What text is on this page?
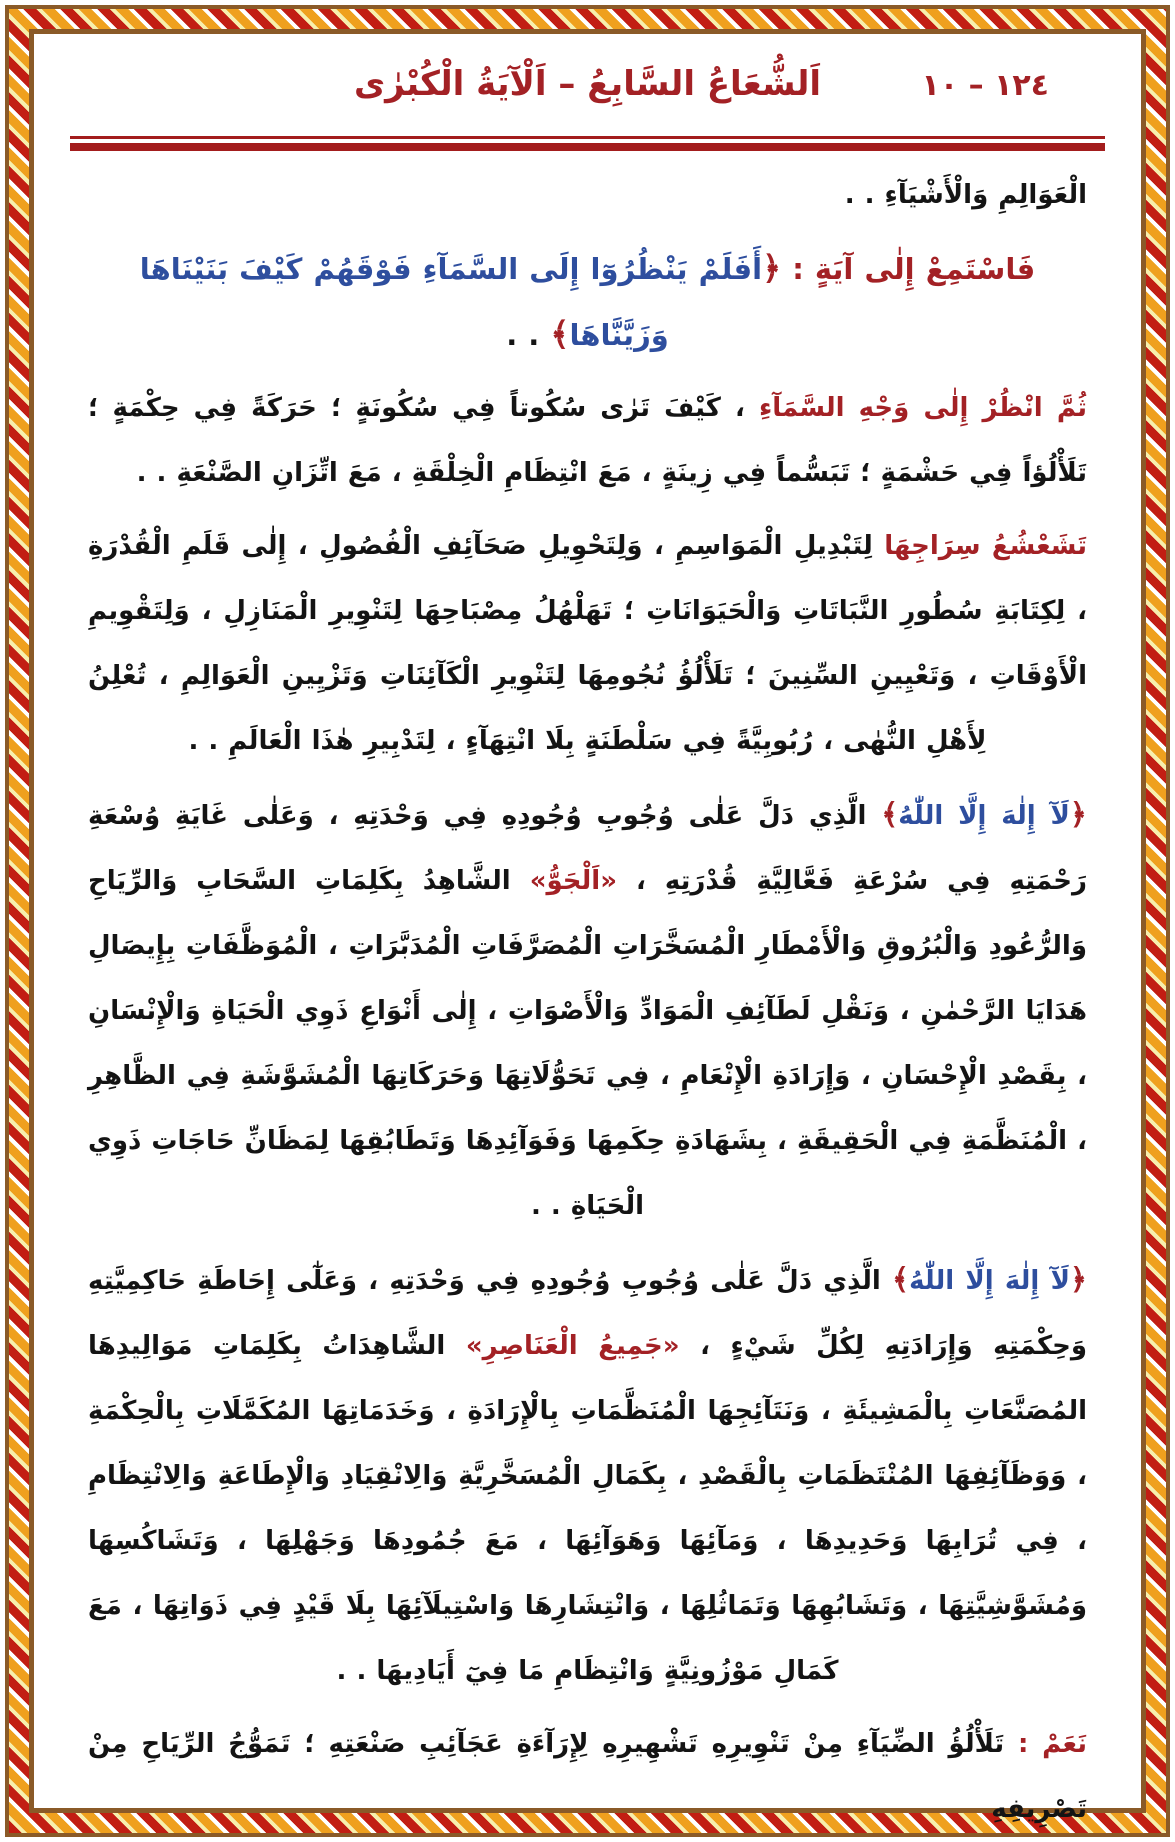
اَلشُّعَاعُ السَّابِعُ – اَلْآيَةُ الْكُبْرٰى	١٢٤ – ١٠

الْعَوَالِمِ وَالْأَشْيَآءِ . .

فَاسْتَمِعْ إِلٰى آيَةٍ : ﴿أَفَلَمْ يَنْظُرُوٓا إِلَى السَّمَآءِ فَوْقَهُمْ كَيْفَ بَنَيْنَاهَا وَزَيَّنَّاهَا﴾ . .

ثُمَّ انْظُرْ إِلٰى وَجْهِ السَّمَآءِ ، كَيْفَ تَرٰى سُكُوتاً فِي سُكُونَةٍ ؛ حَرَكَةً فِي حِكْمَةٍ ؛ تَلَأْلُؤاً فِي حَشْمَةٍ ؛ تَبَسُّماً فِي زِينَةٍ ، مَعَ انْتِظَامِ الْخِلْقَةِ ، مَعَ اتِّزَانِ الصَّنْعَةِ . .

تَشَعْشُعُ سِرَاجِهَا لِتَبْدِيلِ الْمَوَاسِمِ ، وَلِتَحْوِيلِ صَحَآئِفِ الْفُصُولِ ، إِلٰى قَلَمِ الْقُدْرَةِ ، لِكِتَابَةِ سُطُورِ النَّبَاتَاتِ وَالْحَيَوَانَاتِ ؛ تَهَلْهُلُ مِصْبَاحِهَا لِتَنْوِيرِ الْمَنَازِلِ ، وَلِتَقْوِيمِ الْأَوْقَاتِ ، وَتَعْيِينِ السِّنِينَ ؛ تَلَأْلُؤُ نُجُومِهَا لِتَنْوِيرِ الْكَآئِنَاتِ وَتَزْيِينِ الْعَوَالِمِ ، تُعْلِنُ لِأَهْلِ النُّهٰى ، رُبُوبِيَّةً فِي سَلْطَنَةٍ بِلَا انْتِهَآءٍ ، لِتَدْبِيرِ هٰذَا الْعَالَمِ . .

﴿لَآ إِلٰهَ إِلَّا اللّٰهُ﴾ الَّذِي دَلَّ عَلٰى وُجُوبِ وُجُودِهِ فِي وَحْدَتِهِ ، وَعَلٰى غَايَةِ وُسْعَةِ رَحْمَتِهِ فِي سُرْعَةِ فَعَّالِيَّةِ قُدْرَتِهِ ، «اَلْجَوُّ» الشَّاهِدُ بِكَلِمَاتِ السَّحَابِ وَالرِّيَاحِ وَالرُّعُودِ وَالْبُرُوقِ وَالْأَمْطَارِ الْمُسَخَّرَاتِ الْمُصَرَّفَاتِ الْمُدَبَّرَاتِ ، الْمُوَظَّفَاتِ بِإِيصَالِ هَدَايَا الرَّحْمٰنِ ، وَنَقْلِ لَطَآئِفِ الْمَوَادِّ وَالْأَصْوَاتِ ، إِلٰى أَنْوَاعِ ذَوِي الْحَيَاةِ وَالْإِنْسَانِ ، بِقَصْدِ الْإِحْسَانِ ، وَإِرَادَةِ الْإِنْعَامِ ، فِي تَحَوُّلَاتِهَا وَحَرَكَاتِهَا الْمُشَوَّشَةِ فِي الظَّاهِرِ ، الْمُنَظَّمَةِ فِي الْحَقِيقَةِ ، بِشَهَادَةِ حِكَمِهَا وَفَوَآئِدِهَا وَتَطَابُقِهَا لِمَظَانِّ حَاجَاتِ ذَوِي الْحَيَاةِ . .

﴿لَآ إِلٰهَ إِلَّا اللّٰهُ﴾ الَّذِي دَلَّ عَلٰى وُجُوبِ وُجُودِهِ فِي وَحْدَتِهِ ، وَعَلٰٓى إِحَاطَةِ حَاكِمِيَّتِهِ وَحِكْمَتِهِ وَإِرَادَتِهِ لِكُلِّ شَيْءٍ ، «جَمِيعُ الْعَنَاصِرِ» الشَّاهِدَاتُ بِكَلِمَاتِ مَوَالِيدِهَا المُصَنَّعَاتِ بِالْمَشِيئَةِ ، وَنَتَآئِجِهَا الْمُنَظَّمَاتِ بِالْإِرَادَةِ ، وَخَدَمَاتِهَا المُكَمَّلَاتِ بِالْحِكْمَةِ ، وَوَظَآئِفِهَا المُنْتَظَمَاتِ بِالْقَصْدِ ، بِكَمَالِ الْمُسَخَّرِيَّةِ وَالِانْقِيَادِ وَالْإِطَاعَةِ وَالِانْتِظَامِ ، فِي تُرَابِهَا وَحَدِيدِهَا ، وَمَآئِهَا وَهَوَآئِهَا ، مَعَ جُمُودِهَا وَجَهْلِهَا ، وَتَشَاكُسِهَا وَمُشَوَّشِيَّتِهَا ، وَتَشَابُهِهَا وَتَمَاثُلِهَا ، وَانْتِشَارِهَا وَاسْتِيلَآئِهَا بِلَا قَيْدٍ فِي ذَوَاتِهَا ، مَعَ كَمَالِ مَوْزُونِيَّةٍ وَانْتِظَامِ مَا فِيٓ أَيَادِيهَا . .

نَعَمْ : تَلَأْلُؤُ الضِّيَآءِ مِنْ تَنْوِيرِهِ تَشْهِيرِهِ لِإِرَآءَةِ عَجَآئِبِ صَنْعَتِهِ ؛ تَمَوُّجُ الرِّيَاحِ مِنْ تَصْرِيفِهِ
